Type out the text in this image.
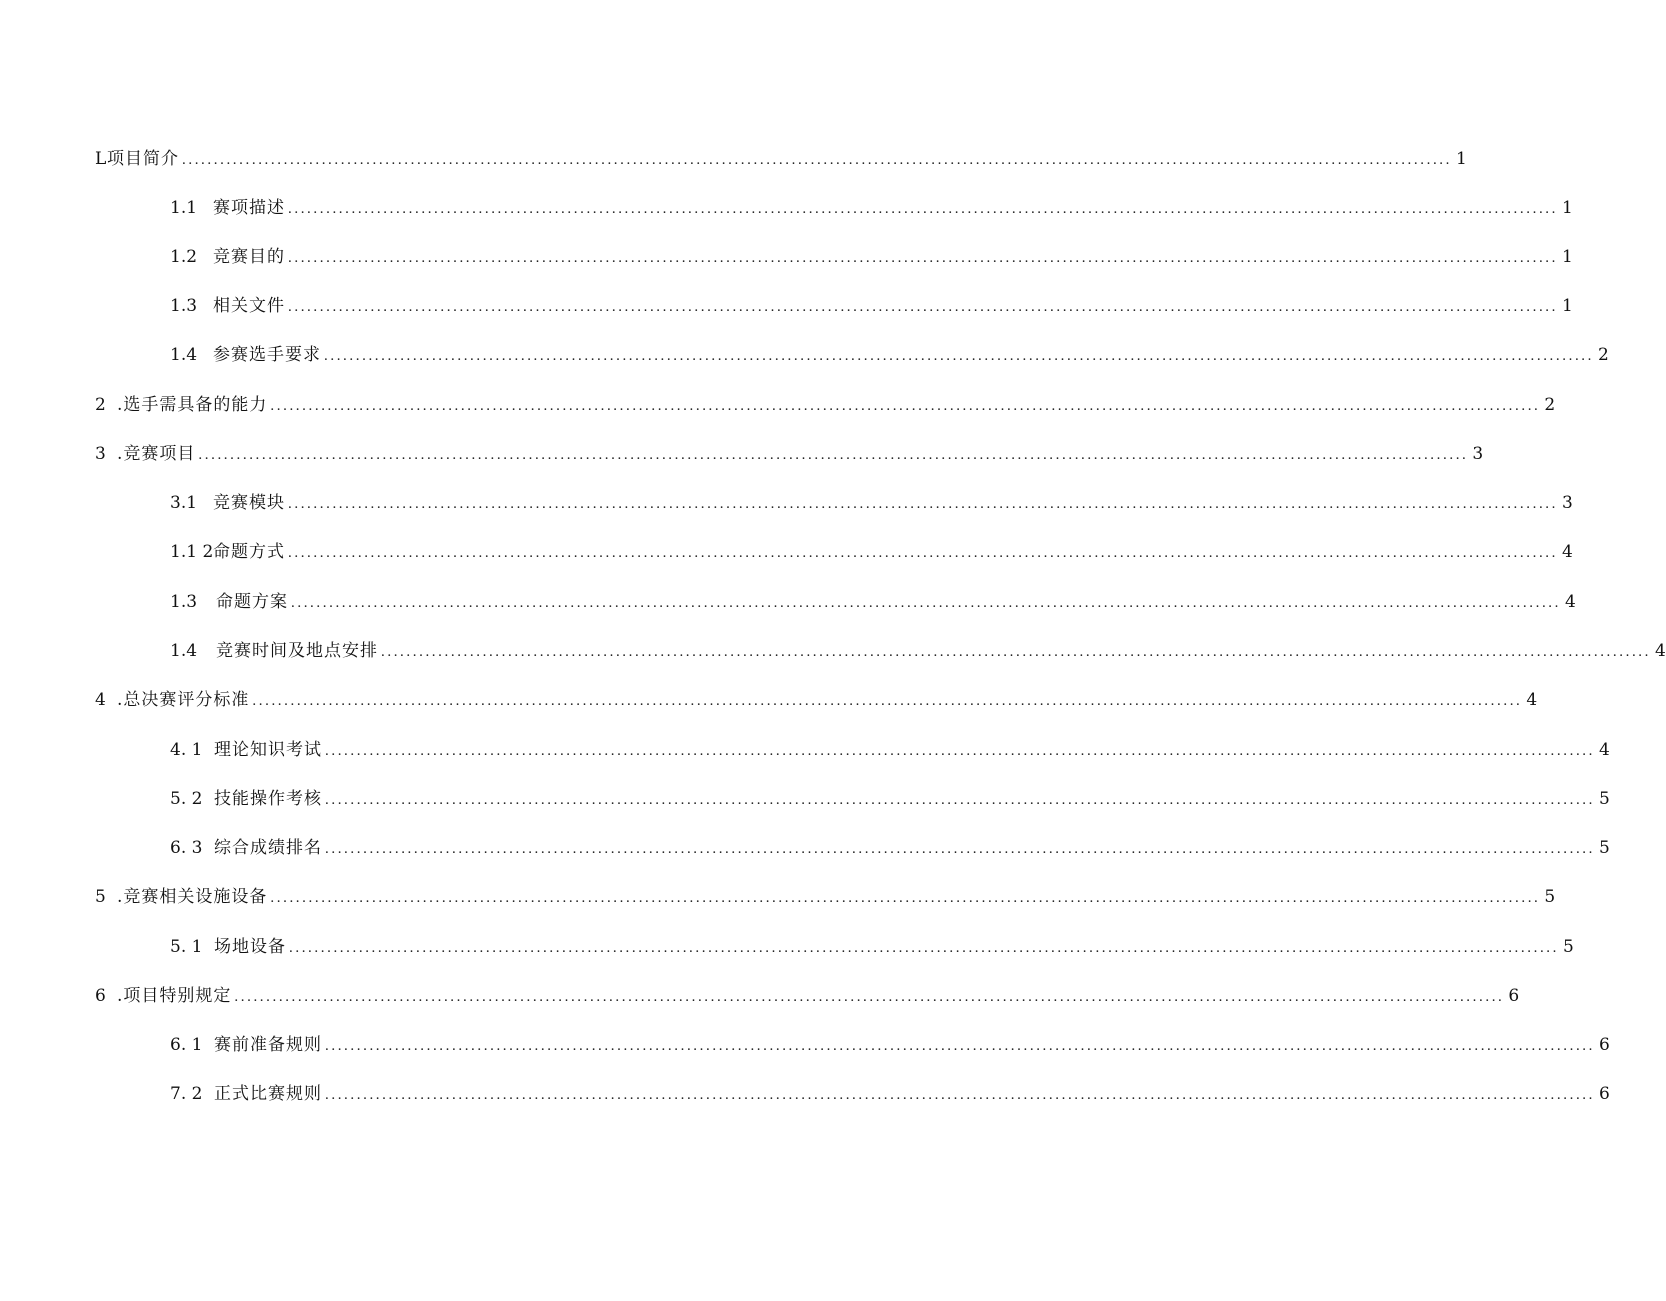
L 项目简介 ........................................................................................................................................................................................................ 1
1.1 赛项描述 ........................................................................................................................................................................................................ 1
1.2 竞赛目的 ........................................................................................................................................................................................................ 1
1.3 相关文件 ........................................................................................................................................................................................................ 1
1.4 参赛选手要求 ........................................................................................................................................................................................................ 2
2 .选手需具备的能力 ........................................................................................................................................................................................................ 2
3 .竞赛项目 ........................................................................................................................................................................................................ 3
3.1 竞赛模块 ........................................................................................................................................................................................................ 3
1.1 2 命题方式 ........................................................................................................................................................................................................ 4
1.3	命题方案 ........................................................................................................................................................................................................ 4
1.4	竞赛时间及地点安排 ........................................................................................................................................................................................................ 4
4 .总决赛评分标准 ........................................................................................................................................................................................................ 4
4. 1 理论知识考试 ........................................................................................................................................................................................................ 4
5. 2 技能操作考核 ........................................................................................................................................................................................................ 5
6. 3 综合成绩排名 ........................................................................................................................................................................................................ 5
5 .竞赛相关设施设备 ........................................................................................................................................................................................................ 5
5. 1 场地设备 ........................................................................................................................................................................................................ 5
6 .项目特别规定 ........................................................................................................................................................................................................ 6
6. 1 赛前准备规则 ........................................................................................................................................................................................................ 6
7. 2 正式比赛规则 ........................................................................................................................................................................................................ 6
